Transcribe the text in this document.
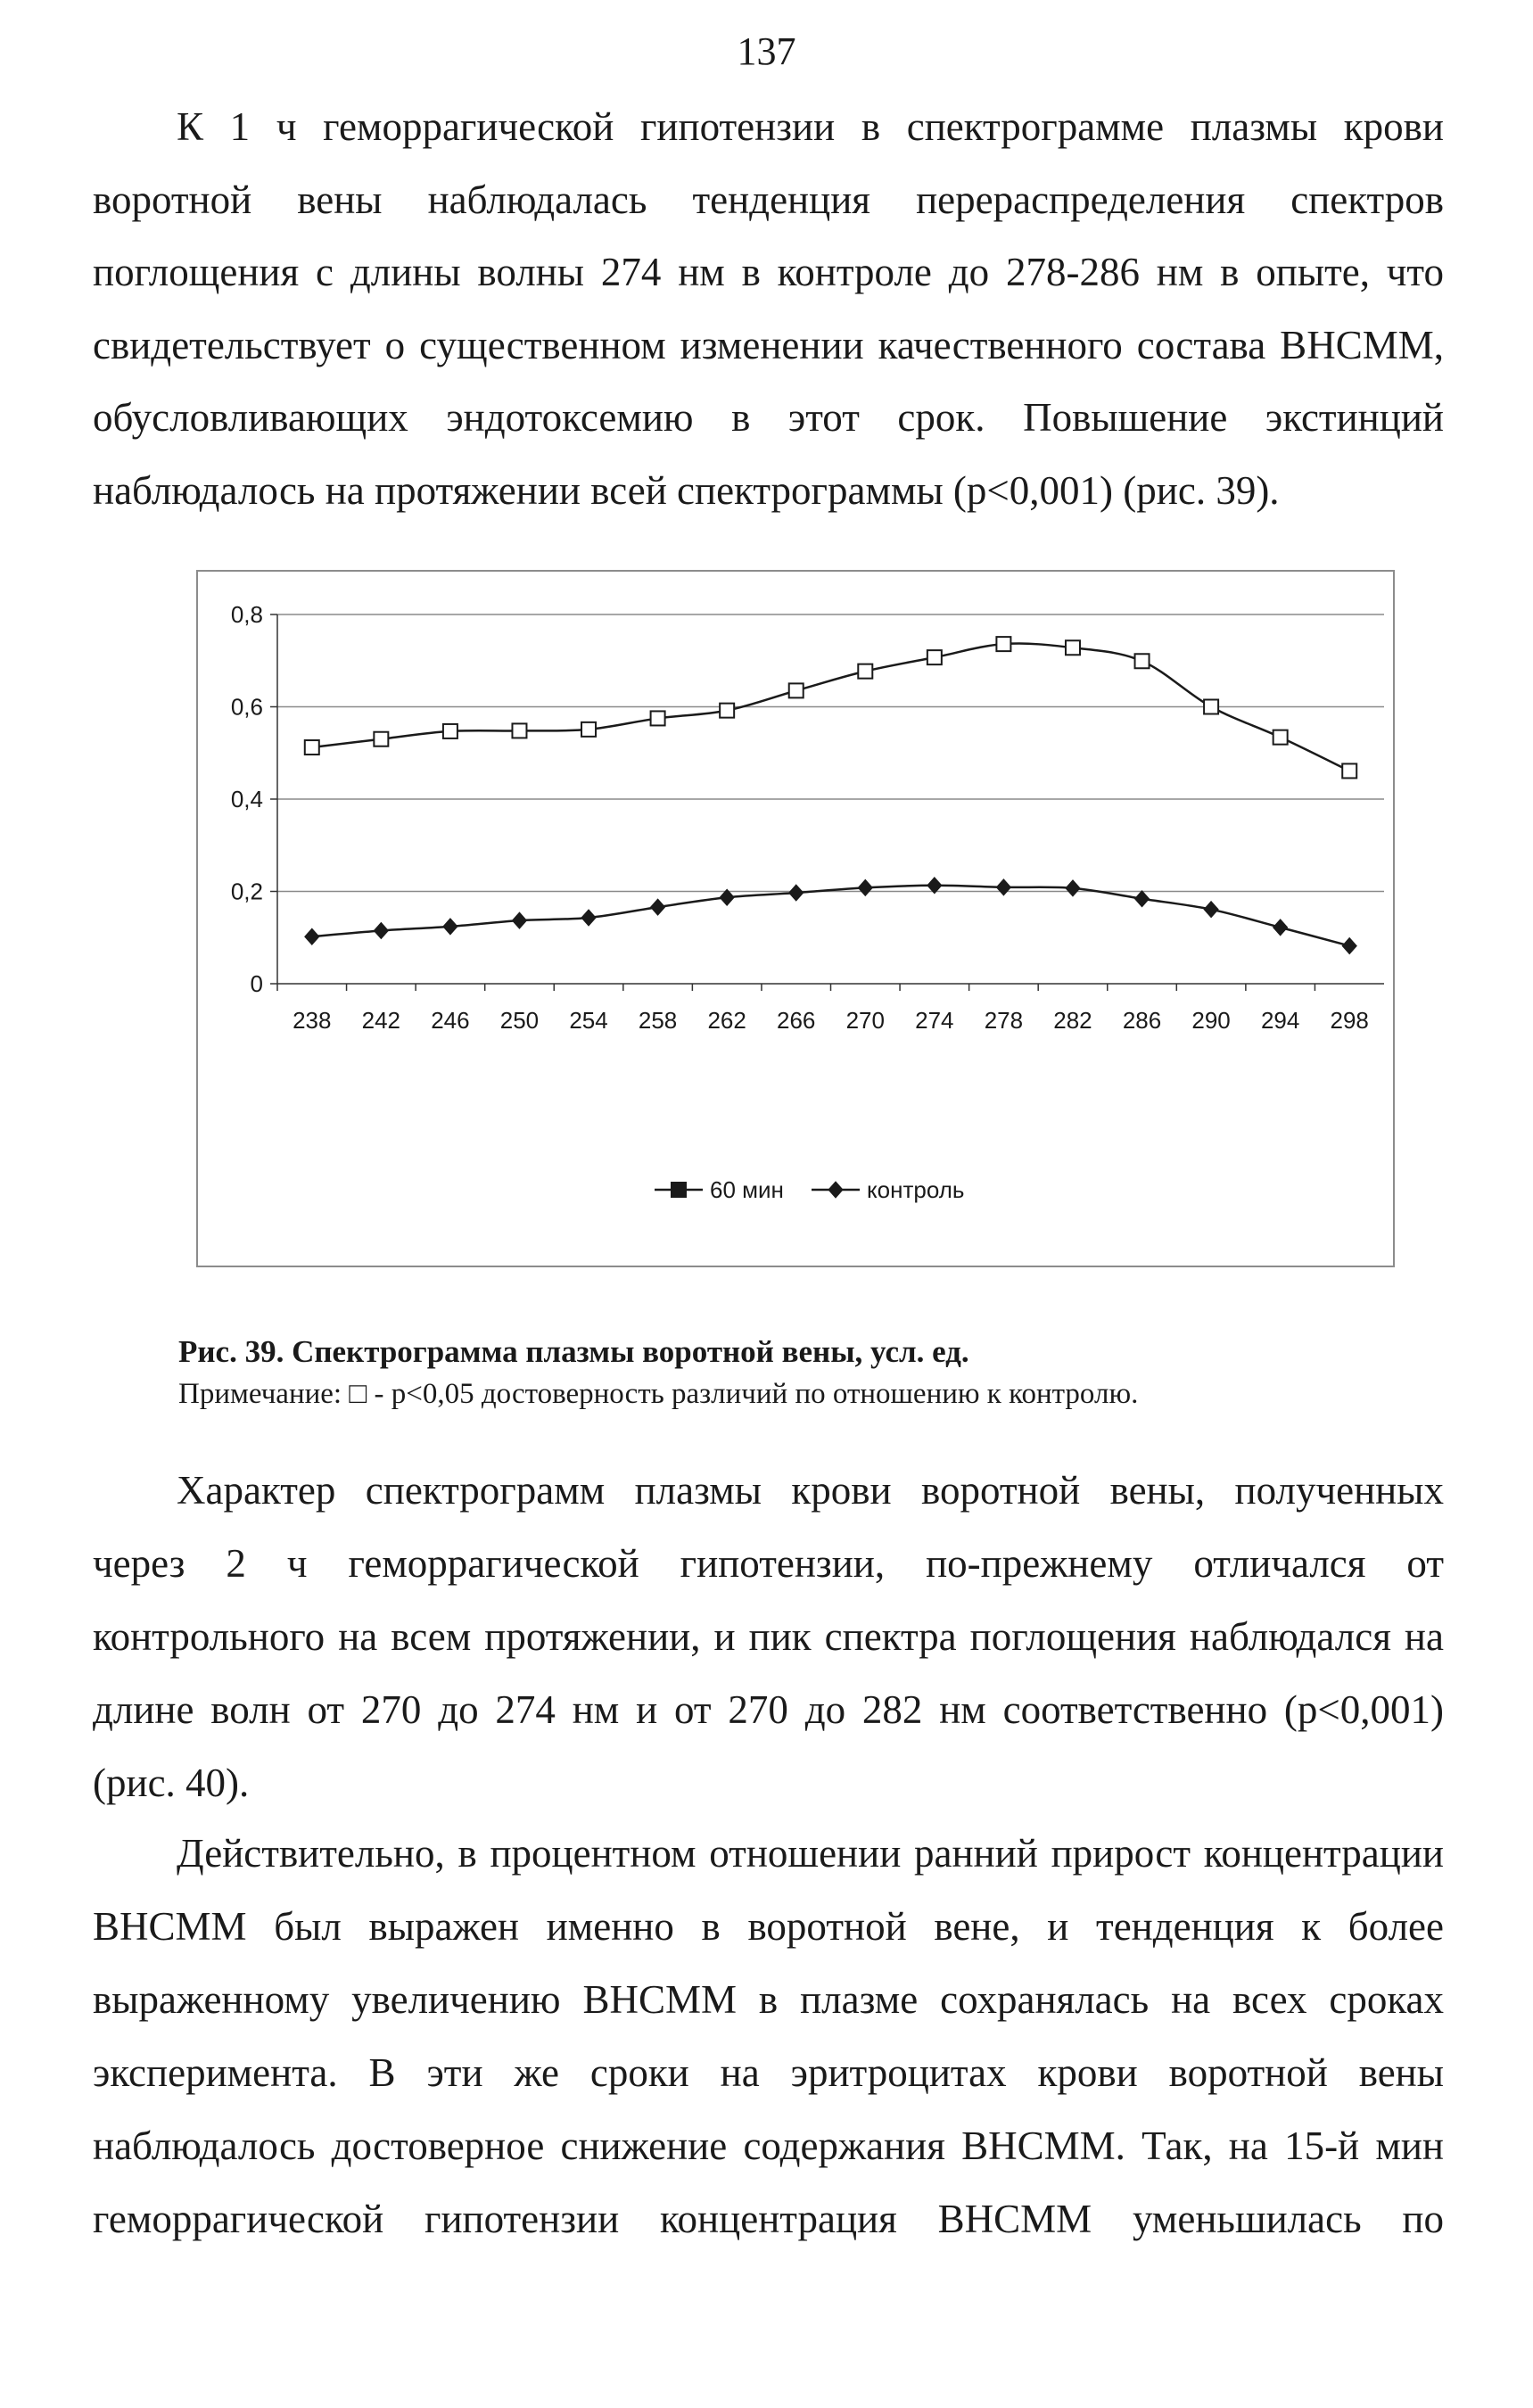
137
К 1 ч геморрагической гипотензии в спектрограмме плазмы крови
воротной вены наблюдалась тенденция перераспределения спектров
поглощения с длины волны 274 нм в контроле до 278-286 нм в опыте, что
свидетельствует о существенном изменении качественного состава ВНСММ,
обусловливающих эндотоксемию в этот срок. Повышение экстинций
наблюдалось на протяжении всей спектрограммы (p<0,001) (рис. 39).
0
0,2
0,4
0,6
0,8
238 242 246 250 254 258 262 266 270 274 278 282 286 290 294 298
60 мин	контроль
Рис. 39. Спектрограмма плазмы воротной вены, усл. ед.
Примечание: □ - p<0,05 достоверность различий по отношению к контролю.
Характер спектрограмм плазмы крови воротной вены, полученных
через 2 ч геморрагической гипотензии, по-прежнему отличался от
контрольного на всем протяжении, и пик спектра поглощения наблюдался на
длине волн от 270 до 274 нм и от 270 до 282 нм соответственно (p<0,001)
(рис. 40).
Действительно, в процентном отношении ранний прирост концентрации
ВНСММ был выражен именно в воротной вене, и тенденция к более
выраженному увеличению ВНСММ в плазме сохранялась на всех сроках
эксперимента. В эти же сроки на эритроцитах крови воротной вены
наблюдалось достоверное снижение содержания ВНСММ. Так, на 15-й мин
геморрагической гипотензии концентрация ВНСММ уменьшилась по
